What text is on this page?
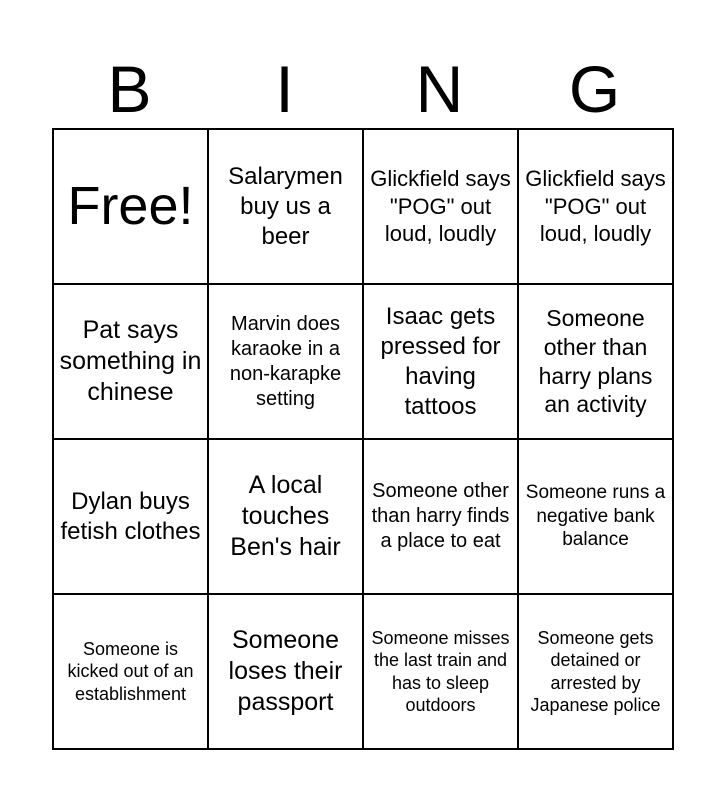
B	I	N	G
Free!	Salarymen buy us a beer	Glickfield says "POG" out loud, loudly	Glickfield says "POG" out loud, loudly
Pat says something in chinese	Marvin does karaoke in a non-karapke setting	Isaac gets pressed for having tattoos	Someone other than harry plans an activity
Dylan buys fetish clothes	A local touches Ben's hair	Someone other than harry finds a place to eat	Someone runs a negative bank balance
Someone is kicked out of an establishment	Someone loses their passport	Someone misses the last train and has to sleep outdoors	Someone gets detained or arrested by Japanese police
